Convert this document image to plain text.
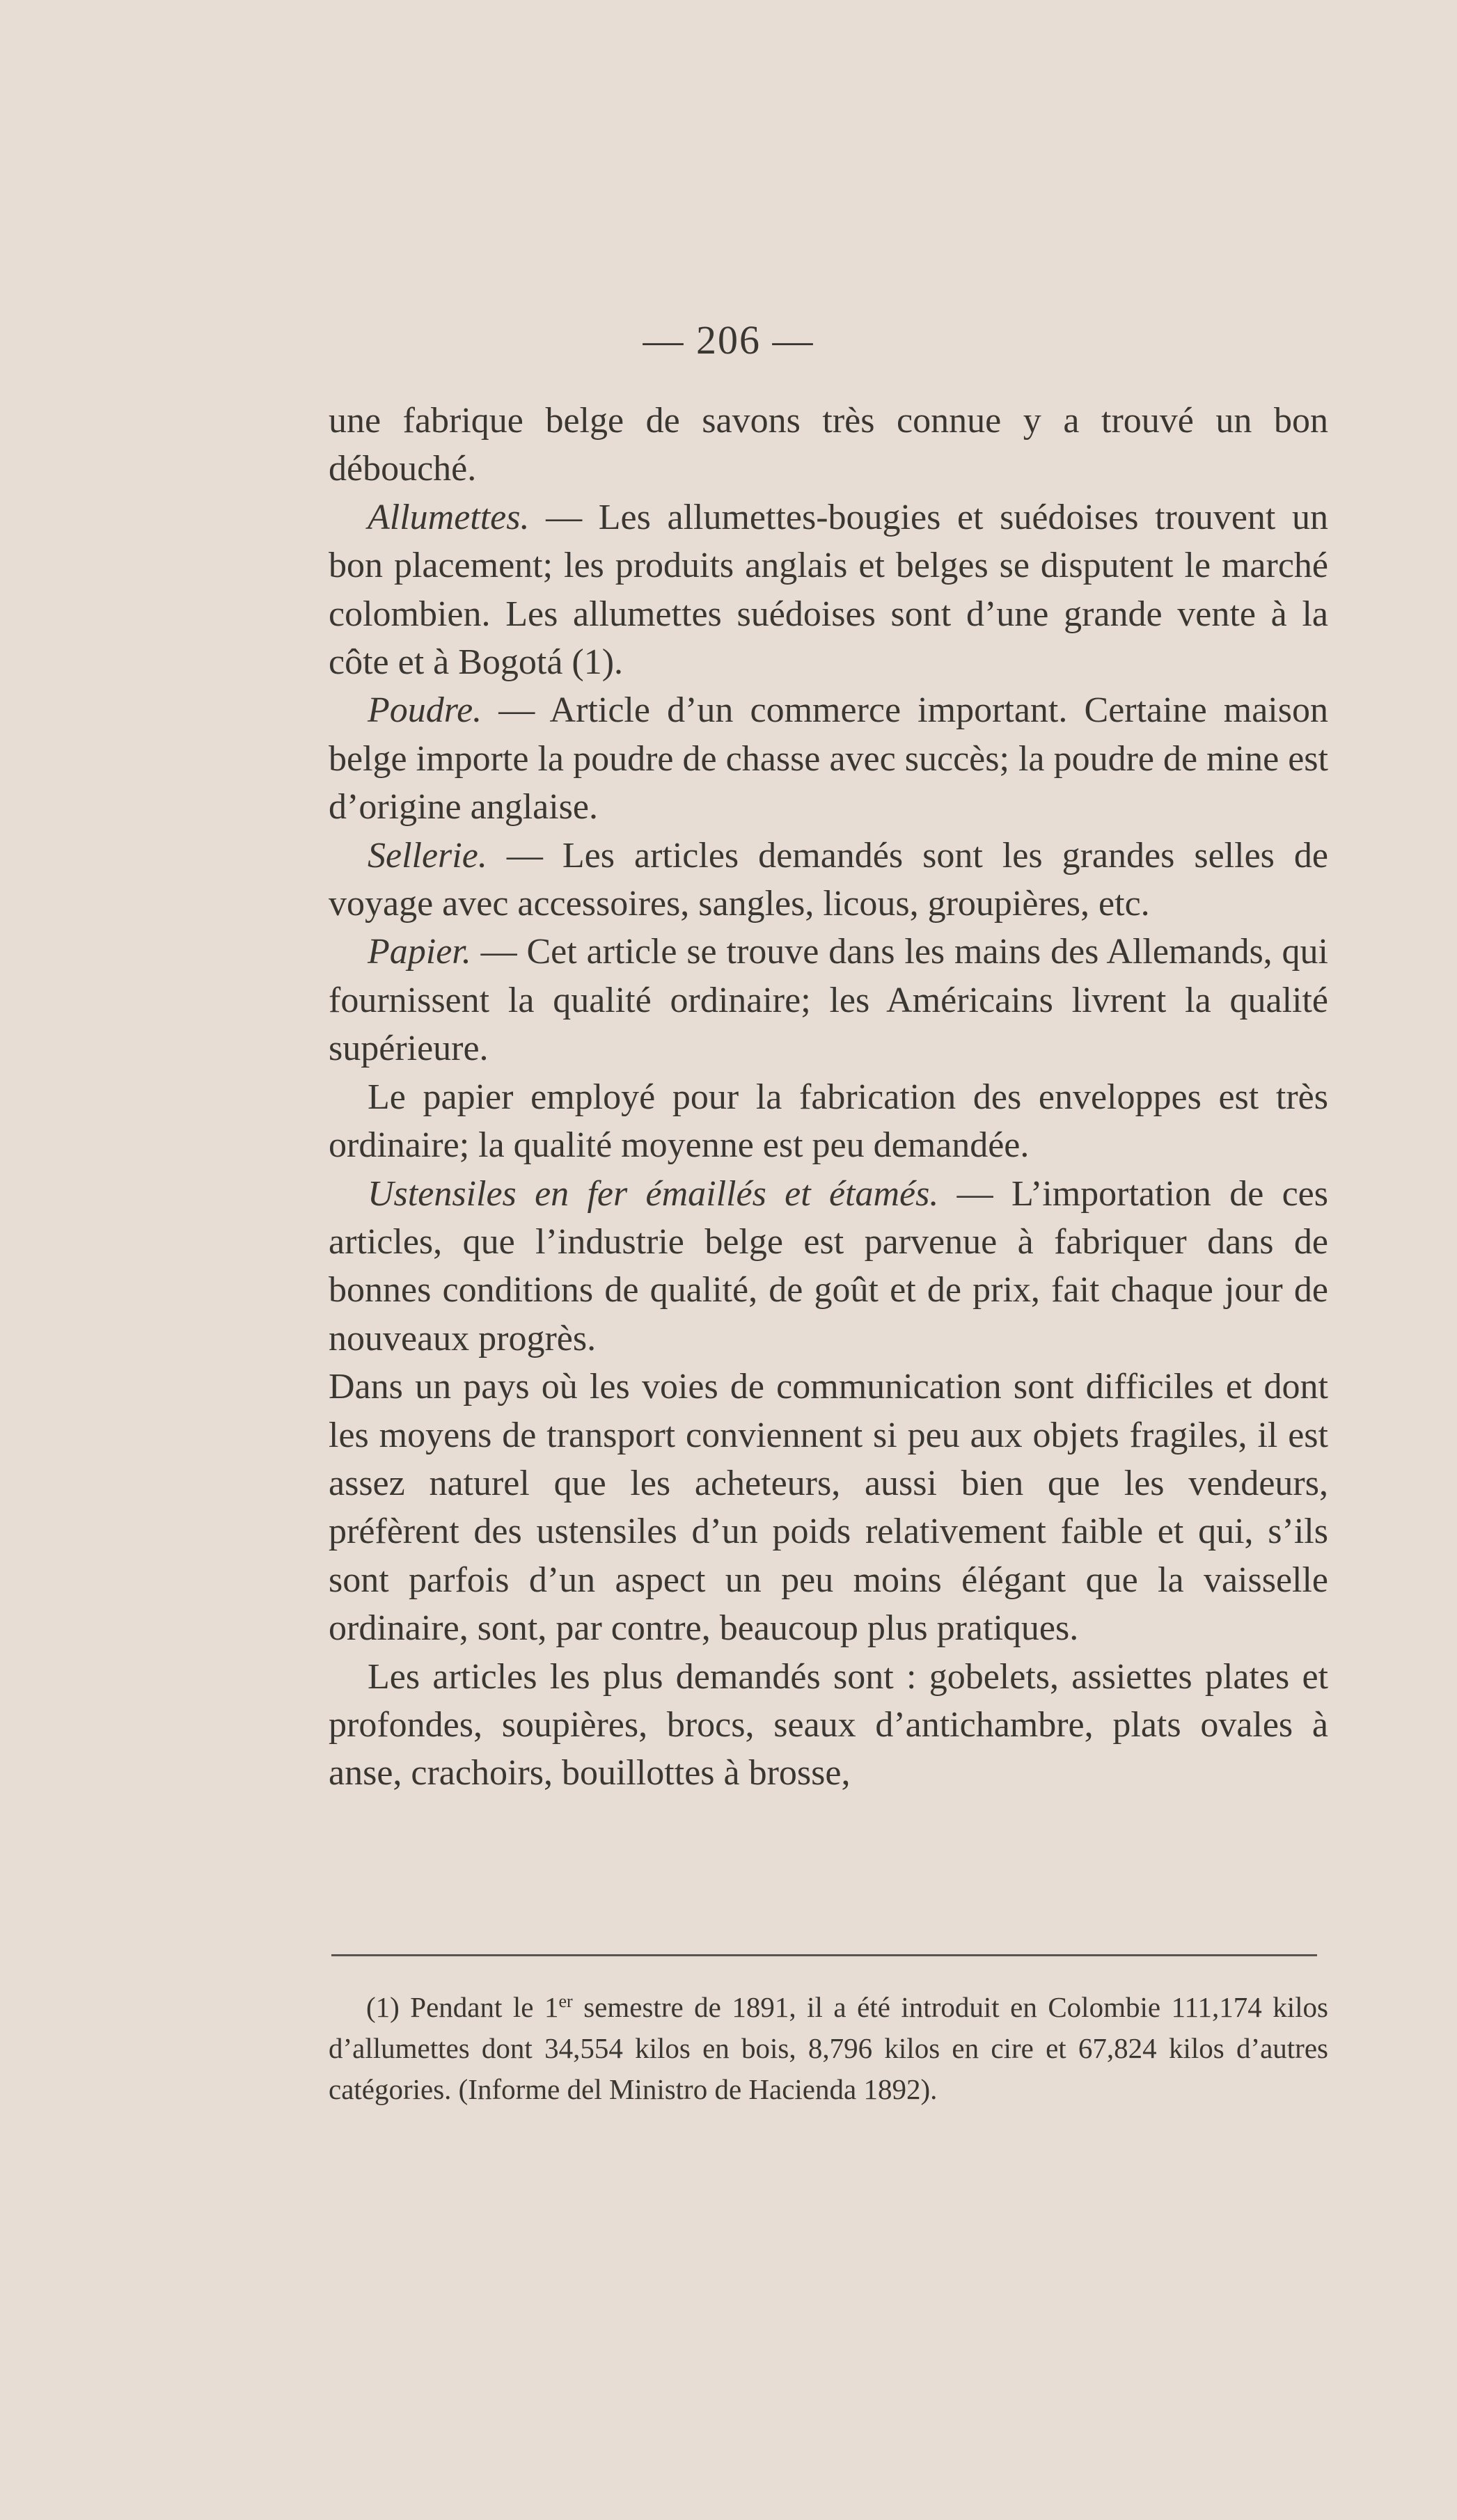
— 206 —

une fabrique belge de savons très connue y a trouvé un bon débouché.

Allumettes. — Les allumettes-bougies et suédoises trouvent un bon placement; les produits anglais et belges se disputent le marché colombien. Les allumettes suédoises sont d’une grande vente à la côte et à Bogotá (1).

Poudre. — Article d’un commerce important. Certaine maison belge importe la poudre de chasse avec succès; la poudre de mine est d’origine anglaise.

Sellerie. — Les articles demandés sont les grandes selles de voyage avec accessoires, sangles, licous, groupières, etc.

Papier. — Cet article se trouve dans les mains des Allemands, qui fournissent la qualité ordinaire; les Américains livrent la qualité supérieure.

Le papier employé pour la fabrication des enveloppes est très ordinaire; la qualité moyenne est peu demandée.

Ustensiles en fer émaillés et étamés. — L’importation de ces articles, que l’industrie belge est parvenue à fabriquer dans de bonnes conditions de qualité, de goût et de prix, fait chaque jour de nouveaux progrès.

Dans un pays où les voies de communication sont difficiles et dont les moyens de transport conviennent si peu aux objets fragiles, il est assez naturel que les acheteurs, aussi bien que les vendeurs, préfèrent des ustensiles d’un poids relativement faible et qui, s’ils sont parfois d’un aspect un peu moins élégant que la vaisselle ordinaire, sont, par contre, beaucoup plus pratiques.

Les articles les plus demandés sont : gobelets, assiettes plates et profondes, soupières, brocs, seaux d’antichambre, plats ovales à anse, crachoirs, bouillottes à brosse,

(1) Pendant le 1er semestre de 1891, il a été introduit en Colombie 111,174 kilos d’allumettes dont 34,554 kilos en bois, 8,796 kilos en cire et 67,824 kilos d’autres catégories. (Informe del Ministro de Hacienda 1892).
